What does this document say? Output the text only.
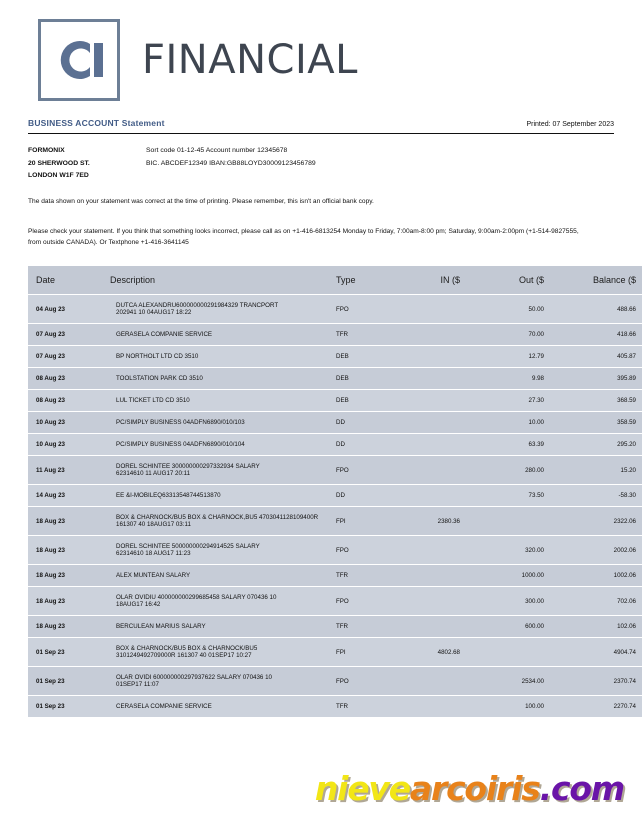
FINANCIAL
BUSINESS ACCOUNT Statement	Printed: 07 September 2023
FORMONIX
20 SHERWOOD ST.
LONDON W1F 7ED
Sort code 01-12-45 Account number 12345678
BIC. ABCDEF12349 IBAN:GB88LOYD30009123456789
The data shown on your statement was correct at the time of printing. Please remember, this isn't an official bank copy.
Please check your statement. If you think that something looks incorrect, please call as on +1-416-6813254 Monday to Friday, 7:00am-8:00 pm; Saturday, 9:00am-2:00pm (+1-514-9827555, from outside CANADA). Or Textphone +1-416-3641145
Date	Description	Type	IN ($	Out ($	Balance ($
04 Aug 23	DUTCA ALEXANDRU600000000291984329 TRANCPORT
202941 10 04AUG17 18:22	FPO		50.00	488.66
07 Aug 23	GERASELA COMPANIE SERVICE	TFR		70.00	418.66
07 Aug 23	BP NORTHOLT LTD CD 3510	DEB		12.79	405.87
08 Aug 23	TOOLSTATION PARK CD 3510	DEB		9.98	395.89
08 Aug 23	LUL TICKET LTD CD 3510	DEB		27.30	368.59
10 Aug 23	PC/SIMPLY BUSINESS 04ADFN6890/010/103	DD		10.00	358.59
10 Aug 23	PC/SIMPLY BUSINESS 04ADFN6890/010/104	DD		63.39	295.20
11 Aug 23	DOREL SCHINTEE 300000000297332934 SALARY
62314610 11 AUG17 20:11	FPO		280.00	15.20
14 Aug 23	EE &I-MOBILEQ63313548744513870	DD		73.50	-58.30
18 Aug 23	BOX & CHARNOCK/BU5 BOX & CHARNOCK,BU5 4703041128109400R
161307 40 18AUG17 03:11	FPI	2380.36		2322.06
18 Aug 23	DOREL SCHINTEE 500000000294914525 SALARY
62314610 18 AUG17 11:23	FPO		320.00	2002.06
18 Aug 23	ALEX MUNTEAN SALARY	TFR		1000.00	1002.06
18 Aug 23	OLAR OVIDIU 400000000299685458 SALARY 070436 10
18AUG17 16:42	FPO		300.00	702.06
18 Aug 23	BERCULEAN MARIUS SALARY	TFR		600.00	102.06
01 Sep 23	BOX & CHARNOCK/BU5 BOX & CHARNOCK/BU5
3101249492709000R 161307 40 01SEP17 10:27	FPI	4802.68		4904.74
01 Sep 23	OLAR OVIDI 600000000297937622 SALARY 070436 10
01SEP17 11:07	FPO		2534.00	2370.74
01 Sep 23	CERASELA COMPANIE SERVICE	TFR		100.00	2270.74
nievearcoiris.com
